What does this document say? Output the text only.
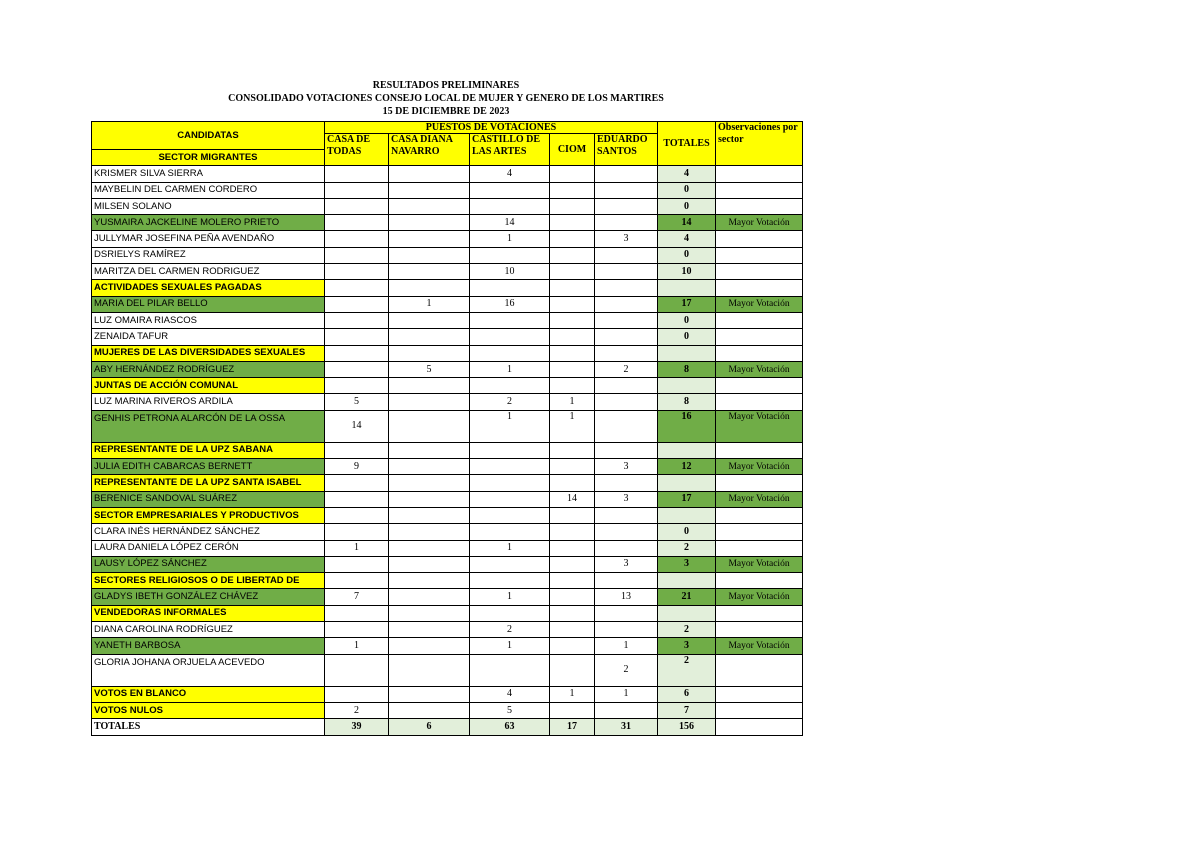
RESULTADOS PRELIMINARES
CONSOLIDADO VOTACIONES CONSEJO LOCAL DE MUJER Y GENERO DE LOS MARTIRES
15 DE DICIEMBRE DE 2023
CANDIDATAS	PUESTOS DE VOTACIONES					TOTALES	Observaciones por sector
	CASA DE TODAS	CASA DIANA NAVARRO	CASTILLO DE LAS ARTES	CIOM	EDUARDO SANTOS		
SECTOR MIGRANTES							
KRISMER SILVA SIERRA			4			4	
MAYBELIN DEL CARMEN CORDERO						0	
MILSEN SOLANO						0	
YUSMAIRA JACKELINE MOLERO PRIETO			14			14	Mayor Votación
JULLYMAR JOSEFINA PEÑA AVENDAÑO			1		3	4	
DSRIELYS RAMÍREZ						0	
MARITZA DEL CARMEN RODRIGUEZ			10			10	
ACTIVIDADES SEXUALES PAGADAS							
MARIA DEL PILAR BELLO		1	16			17	Mayor Votación
LUZ OMAIRA RIASCOS						0	
ZENAIDA TAFUR						0	
MUJERES DE LAS DIVERSIDADES SEXUALES							
ABY HERNÁNDEZ RODRÍGUEZ		5	1		2	8	Mayor Votación
JUNTAS DE ACCIÓN COMUNAL							
LUZ MARINA RIVEROS ARDILA	5		2	1		8	
GENHIS PETRONA ALARCÓN DE LA OSSA	14		1	1		16	Mayor Votación
REPRESENTANTE DE LA UPZ SABANA							
JULIA EDITH CABARCAS BERNETT	9				3	12	Mayor Votación
REPRESENTANTE DE LA UPZ SANTA ISABEL							
BERENICE SANDOVAL SUÁREZ				14	3	17	Mayor Votación
SECTOR EMPRESARIALES Y PRODUCTIVOS							
CLARA INÉS HERNÁNDEZ SÁNCHEZ						0	
LAURA DANIELA LÓPEZ CERÓN	1		1			2	
LAUSY LÓPEZ SÁNCHEZ					3	3	Mayor Votación
SECTORES RELIGIOSOS O DE LIBERTAD DE							
GLADYS IBETH GONZÁLEZ CHÁVEZ	7		1		13	21	Mayor Votación
VENDEDORAS INFORMALES							
DIANA CAROLINA RODRÍGUEZ			2			2	
YANETH BARBOSA	1		1		1	3	Mayor Votación
GLORIA JOHANA ORJUELA ACEVEDO					2	2	
VOTOS EN BLANCO			4	1	1	6	
VOTOS NULOS	2		5			7	
TOTALES	39	6	63	17	31	156	
